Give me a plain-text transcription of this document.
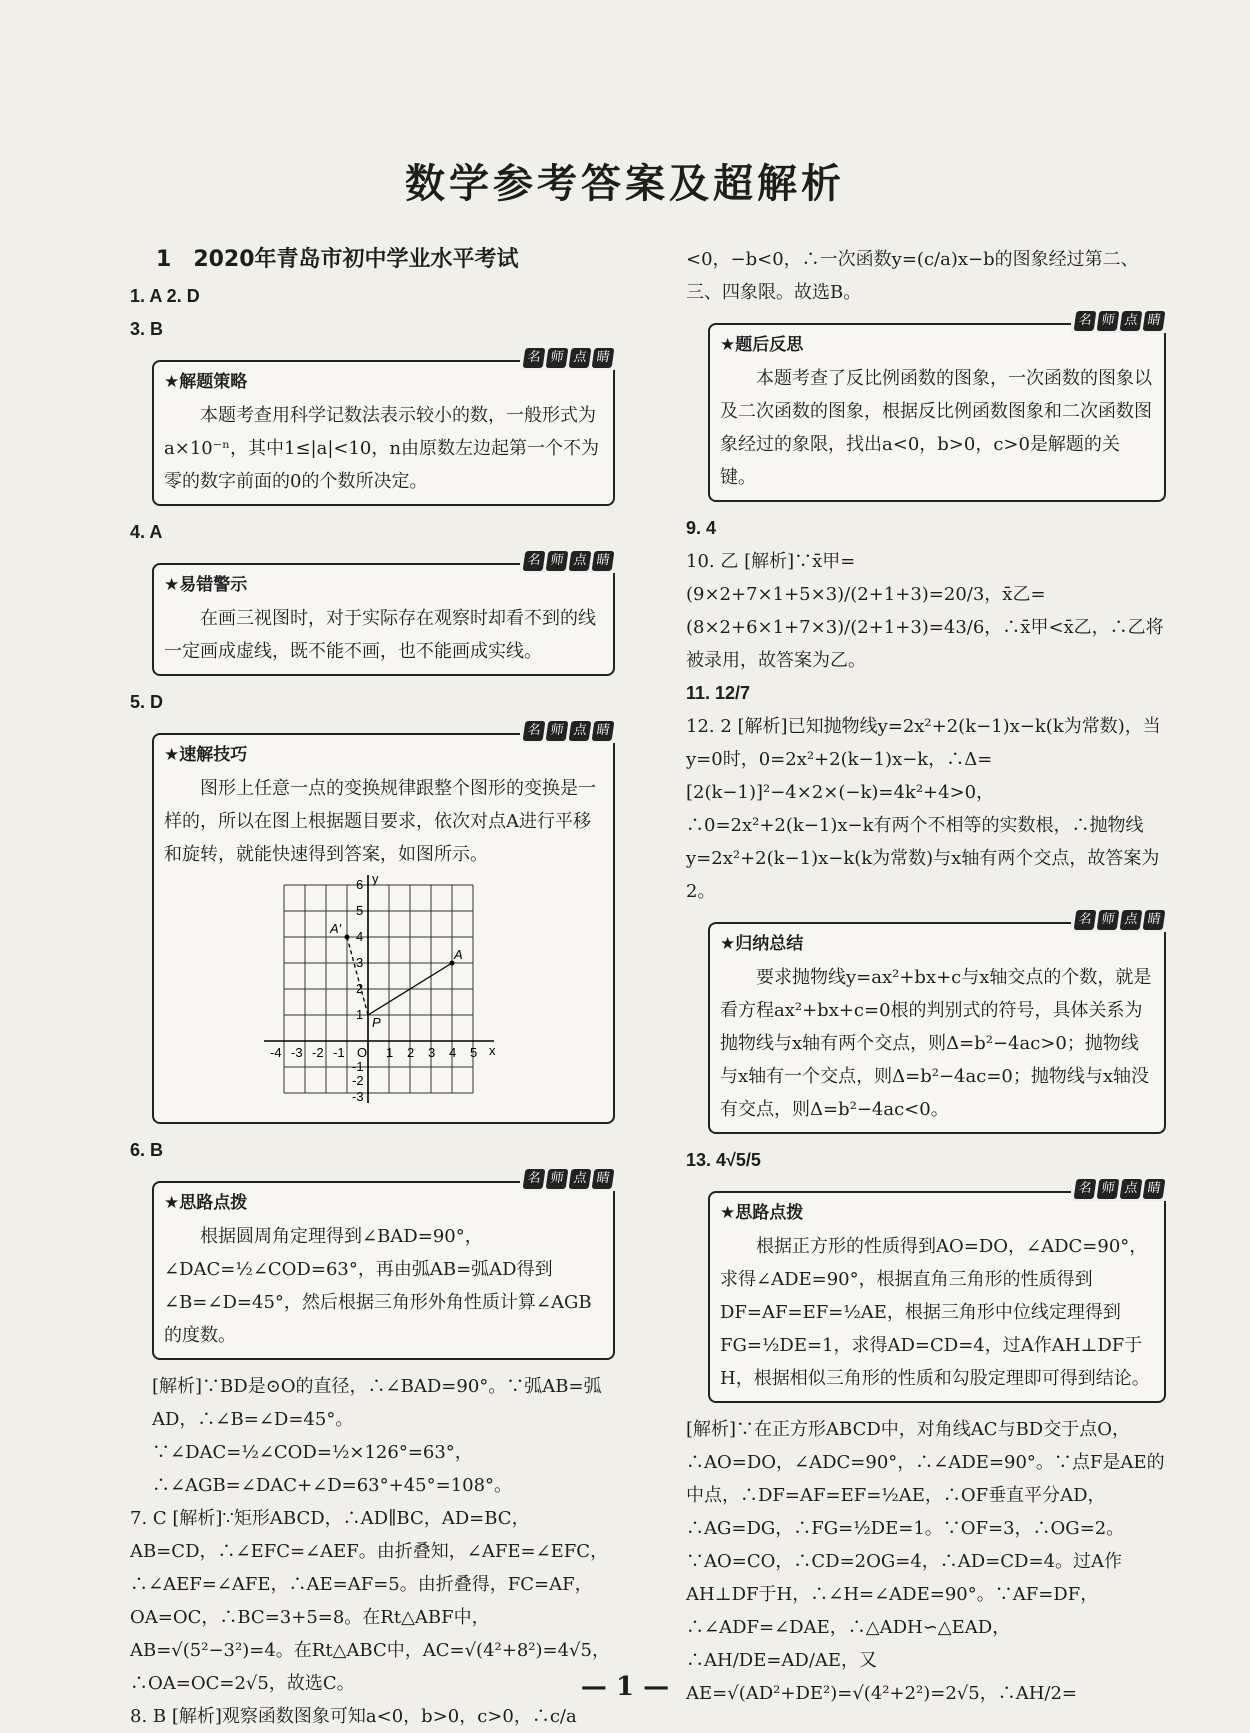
数学参考答案及超解析
1 2020年青岛市初中学业水平考试

1. A 2. D

3. B

名 师 点 睛
★解题策略

本题考查用科学记数法表示较小的数，一般形式为a×10⁻ⁿ，其中1≤|a|<10，n由原数左边起第一个不为零的数字前面的0的个数所决定。

4. A

名 师 点 睛
★易错警示

在画三视图时，对于实际存在观察时却看不到的线一定画成虚线，既不能不画，也不能画成实线。

5. D

名 师 点 睛
★速解技巧

图形上任意一点的变换规律跟整个图形的变换是一样的，所以在图上根据题目要求，依次对点A进行平移和旋转，就能快速得到答案，如图所示。

x
y
A
A′
P
-4 -3 -2 -1 O 1 2 3 4 5
6
5
4
3
2
1
-1
-2
-3

6. B

名 师 点 睛
★思路点拨

根据圆周角定理得到∠BAD=90°，∠DAC=½∠COD=63°，再由弧AB=弧AD得到∠B=∠D=45°，然后根据三角形外角性质计算∠AGB的度数。

[解析]∵BD是⊙O的直径，∴∠BAD=90°。∵弧AB=弧AD，∴∠B=∠D=45°。∵∠DAC=½∠COD=½×126°=63°，∴∠AGB=∠DAC+∠D=63°+45°=108°。

7. C [解析]∵矩形ABCD，∴AD∥BC，AD=BC，AB=CD，∴∠EFC=∠AEF。由折叠知，∠AFE=∠EFC，∴∠AEF=∠AFE，∴AE=AF=5。由折叠得，FC=AF，OA=OC，∴BC=3+5=8。在Rt△ABF中，AB=√(5²−3²)=4。在Rt△ABC中，AC=√(4²+8²)=4√5，∴OA=OC=2√5，故选C。

8. B [解析]观察函数图象可知a<0，b>0，c>0，∴c/a

<0，−b<0，∴一次函数y=(c/a)x−b的图象经过第二、三、四象限。故选B。

名 师 点 睛
★题后反思

本题考查了反比例函数的图象，一次函数的图象以及二次函数的图象，根据反比例函数图象和二次函数图象经过的象限，找出a<0，b>0，c>0是解题的关键。

9. 4

10. 乙 [解析]∵x̄甲=(9×2+7×1+5×3)/(2+1+3)=20/3，x̄乙=(8×2+6×1+7×3)/(2+1+3)=43/6，∴x̄甲<x̄乙，∴乙将被录用，故答案为乙。

11. 12/7

12. 2 [解析]已知抛物线y=2x²+2(k−1)x−k(k为常数)，当y=0时，0=2x²+2(k−1)x−k，∴Δ=[2(k−1)]²−4×2×(−k)=4k²+4>0，∴0=2x²+2(k−1)x−k有两个不相等的实数根，∴抛物线y=2x²+2(k−1)x−k(k为常数)与x轴有两个交点，故答案为2。

名 师 点 睛
★归纳总结

要求抛物线y=ax²+bx+c与x轴交点的个数，就是看方程ax²+bx+c=0根的判别式的符号，具体关系为抛物线与x轴有两个交点，则Δ=b²−4ac>0；抛物线与x轴有一个交点，则Δ=b²−4ac=0；抛物线与x轴没有交点，则Δ=b²−4ac<0。

13. 4√5/5

名 师 点 睛
★思路点拨

根据正方形的性质得到AO=DO，∠ADC=90°，求得∠ADE=90°，根据直角三角形的性质得到DF=AF=EF=½AE，根据三角形中位线定理得到FG=½DE=1，求得AD=CD=4，过A作AH⊥DF于H，根据相似三角形的性质和勾股定理即可得到结论。

[解析]∵在正方形ABCD中，对角线AC与BD交于点O，∴AO=DO，∠ADC=90°，∴∠ADE=90°。∵点F是AE的中点，∴DF=AF=EF=½AE，∴OF垂直平分AD，∴AG=DG，∴FG=½DE=1。∵OF=3，∴OG=2。∵AO=CO，∴CD=2OG=4，∴AD=CD=4。过A作AH⊥DF于H，∴∠H=∠ADE=90°。∵AF=DF，∴∠ADF=∠DAE，∴△ADH∽△EAD，∴AH/DE=AD/AE，又AE=√(AD²+DE²)=√(4²+2²)=2√5，∴AH/2=

— 1 —
